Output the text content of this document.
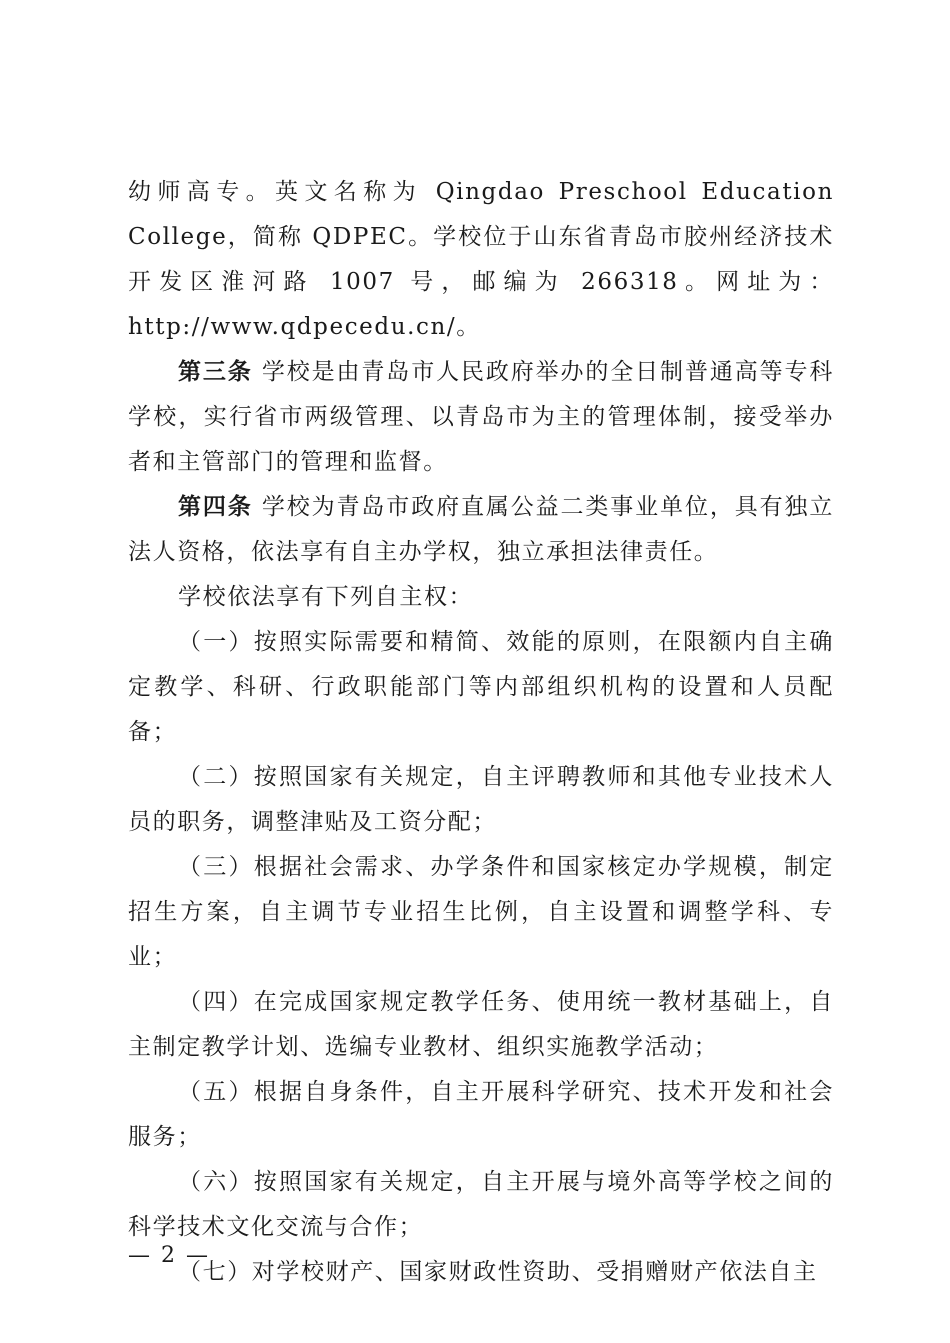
幼师高专。英文名称为 Qingdao Preschool Education College，简称 QDPEC。学校位于山东省青岛市胶州经济技术开发区淮河路 1007 号，邮编为 266318。网址为：http://www.qdpecedu.cn/。

第三条 学校是由青岛市人民政府举办的全日制普通高等专科学校，实行省市两级管理、以青岛市为主的管理体制，接受举办者和主管部门的管理和监督。

第四条 学校为青岛市政府直属公益二类事业单位，具有独立法人资格，依法享有自主办学权，独立承担法律责任。

学校依法享有下列自主权：

（一）按照实际需要和精简、效能的原则，在限额内自主确定教学、科研、行政职能部门等内部组织机构的设置和人员配备；

（二）按照国家有关规定，自主评聘教师和其他专业技术人员的职务，调整津贴及工资分配；

（三）根据社会需求、办学条件和国家核定办学规模，制定招生方案，自主调节专业招生比例，自主设置和调整学科、专业；

（四）在完成国家规定教学任务、使用统一教材基础上，自主制定教学计划、选编专业教材、组织实施教学活动；

（五）根据自身条件，自主开展科学研究、技术开发和社会服务；

（六）按照国家有关规定，自主开展与境外高等学校之间的科学技术文化交流与合作；

（七）对学校财产、国家财政性资助、受捐赠财产依法自主

— 2 —
